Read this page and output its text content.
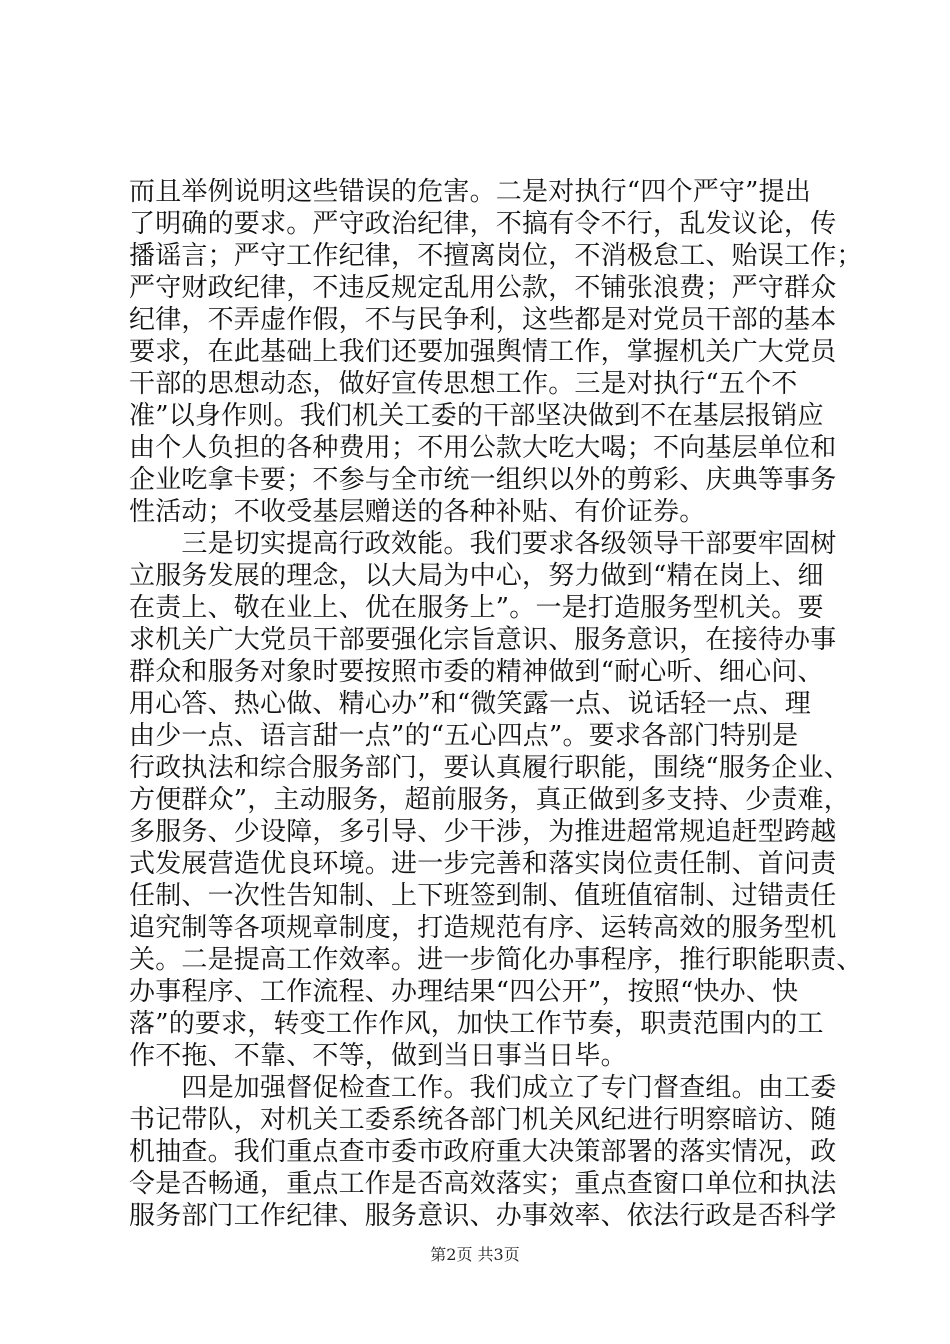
而且举例说明这些错误的危害。二是对执行“四个严守”提出
了明确的要求。严守政治纪律，不搞有令不行，乱发议论，传
播谣言；严守工作纪律，不擅离岗位，不消极怠工、贻误工作；
严守财政纪律，不违反规定乱用公款，不铺张浪费；严守群众
纪律，不弄虚作假，不与民争利，这些都是对党员干部的基本
要求，在此基础上我们还要加强舆情工作，掌握机关广大党员
干部的思想动态，做好宣传思想工作。三是对执行“五个不
准”以身作则。我们机关工委的干部坚决做到不在基层报销应
由个人负担的各种费用；不用公款大吃大喝；不向基层单位和
企业吃拿卡要；不参与全市统一组织以外的剪彩、庆典等事务
性活动；不收受基层赠送的各种补贴、有价证券。
　　三是切实提高行政效能。我们要求各级领导干部要牢固树
立服务发展的理念，以大局为中心，努力做到“精在岗上、细
在责上、敬在业上、优在服务上”。一是打造服务型机关。要
求机关广大党员干部要强化宗旨意识、服务意识，在接待办事
群众和服务对象时要按照市委的精神做到“耐心听、细心问、
用心答、热心做、精心办”和“微笑露一点、说话轻一点、理
由少一点、语言甜一点”的“五心四点”。要求各部门特别是
行政执法和综合服务部门，要认真履行职能，围绕“服务企业、
方便群众”，主动服务，超前服务，真正做到多支持、少责难，
多服务、少设障，多引导、少干涉，为推进超常规追赶型跨越
式发展营造优良环境。进一步完善和落实岗位责任制、首问责
任制、一次性告知制、上下班签到制、值班值宿制、过错责任
追究制等各项规章制度，打造规范有序、运转高效的服务型机
关。二是提高工作效率。进一步简化办事程序，推行职能职责、
办事程序、工作流程、办理结果“四公开”，按照“快办、快
落”的要求，转变工作作风，加快工作节奏，职责范围内的工
作不拖、不靠、不等，做到当日事当日毕。
　　四是加强督促检查工作。我们成立了专门督查组。由工委
书记带队，对机关工委系统各部门机关风纪进行明察暗访、随
机抽查。我们重点查市委市政府重大决策部署的落实情况，政
令是否畅通，重点工作是否高效落实；重点查窗口单位和执法
服务部门工作纪律、服务意识、办事效率、依法行政是否科学
第2页 共3页
